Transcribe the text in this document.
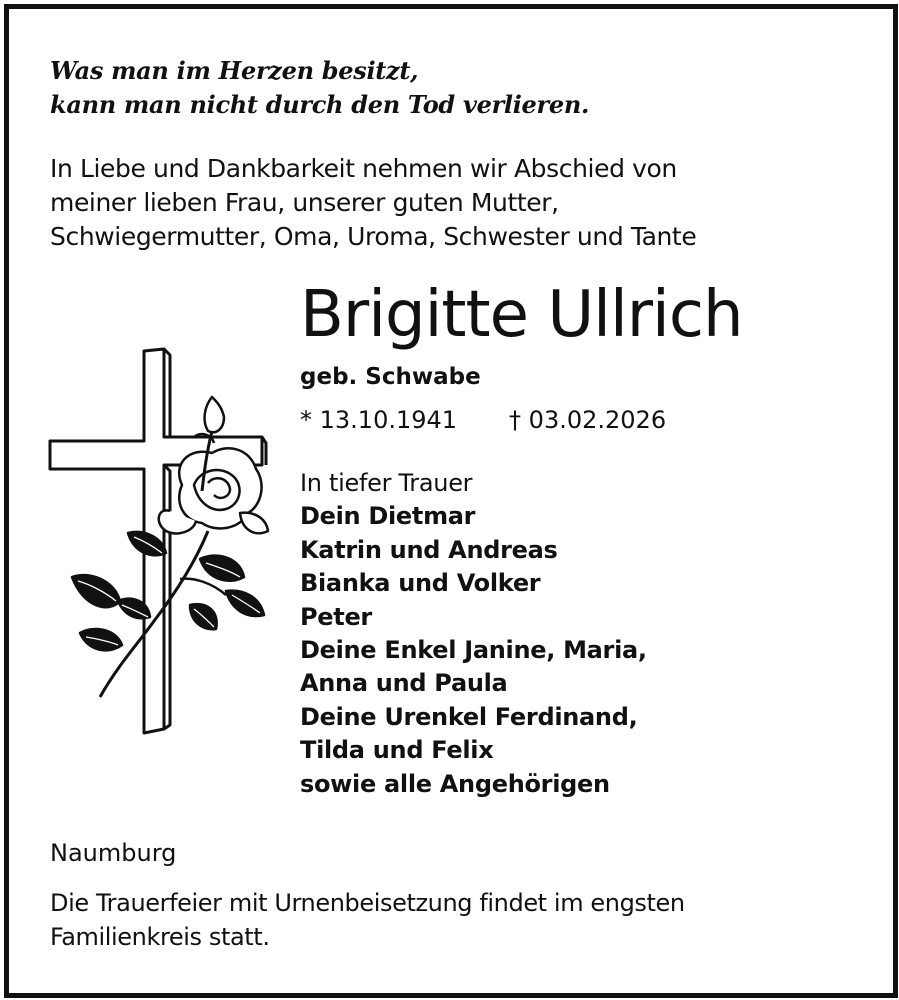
Was man im Herzen besitzt,
kann man nicht durch den Tod verlieren.
In Liebe und Dankbarkeit nehmen wir Abschied von
meiner lieben Frau, unserer guten Mutter,
Schwiegermutter, Oma, Uroma, Schwester und Tante
Brigitte Ullrich
geb. Schwabe
* 13.10.1941 † 03.02.2026
In tiefer Trauer
Dein Dietmar
Katrin und Andreas
Bianka und Volker
Peter
Deine Enkel Janine, Maria,
Anna und Paula
Deine Urenkel Ferdinand,
Tilda und Felix
sowie alle Angehörigen
Naumburg
Die Trauerfeier mit Urnenbeisetzung findet im engsten
Familienkreis statt.
